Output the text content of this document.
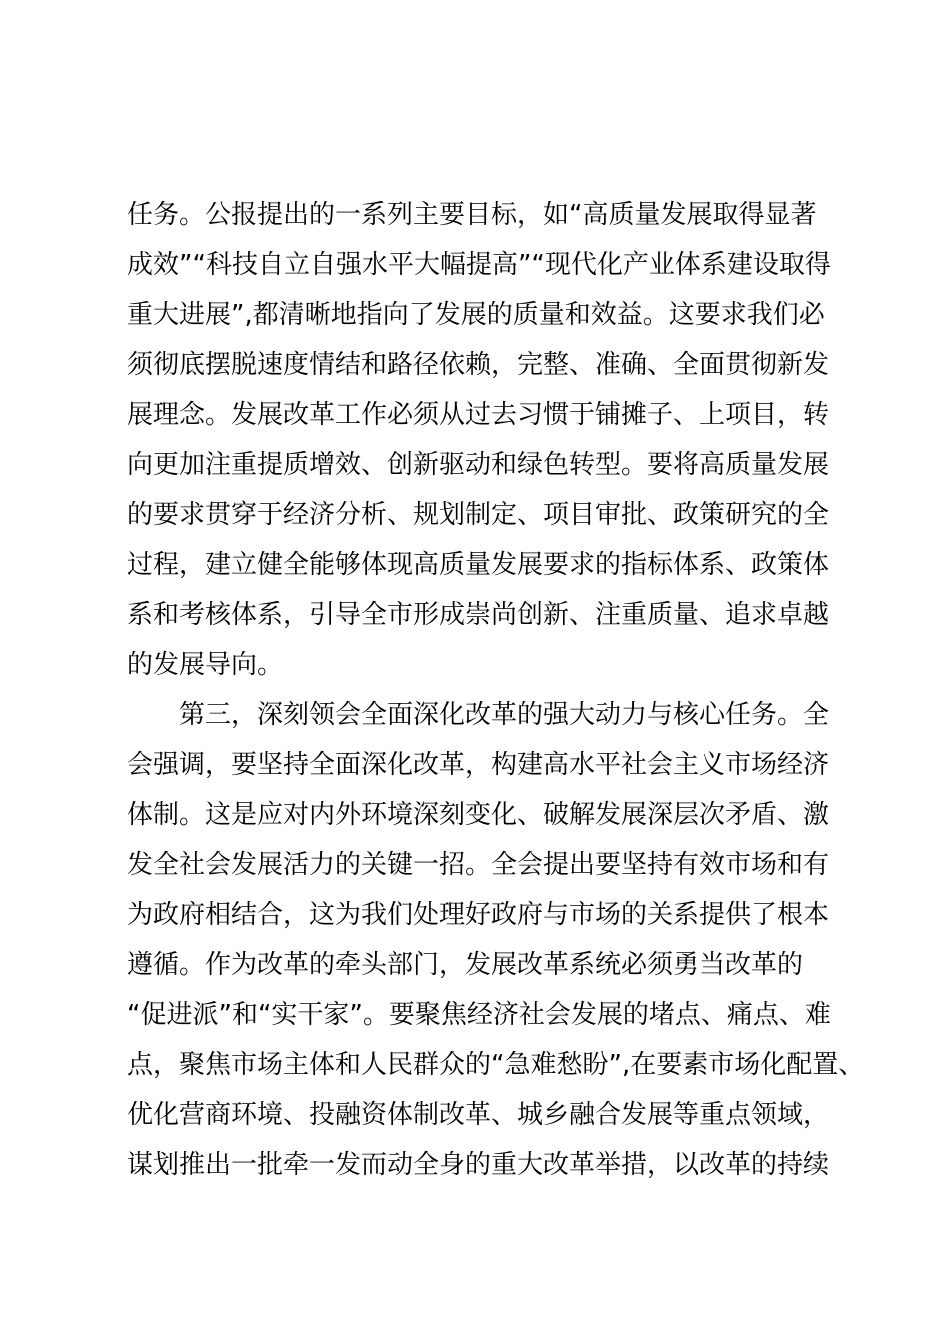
任务。公报提出的一系列主要目标，如“高质量发展取得显著
成效”“科技自立自强水平大幅提高”“现代化产业体系建设取得
重大进展”,都清晰地指向了发展的质量和效益。这要求我们必
须彻底摆脱速度情结和路径依赖，完整、准确、全面贯彻新发
展理念。发展改革工作必须从过去习惯于铺摊子、上项目，转
向更加注重提质增效、创新驱动和绿色转型。要将高质量发展
的要求贯穿于经济分析、规划制定、项目审批、政策研究的全
过程，建立健全能够体现高质量发展要求的指标体系、政策体
系和考核体系，引导全市形成崇尚创新、注重质量、追求卓越
的发展导向。
第三，深刻领会全面深化改革的强大动力与核心任务。全
会强调，要坚持全面深化改革，构建高水平社会主义市场经济
体制。这是应对内外环境深刻变化、破解发展深层次矛盾、激
发全社会发展活力的关键一招。全会提出要坚持有效市场和有
为政府相结合，这为我们处理好政府与市场的关系提供了根本
遵循。作为改革的牵头部门，发展改革系统必须勇当改革的
“促进派”和“实干家”。要聚焦经济社会发展的堵点、痛点、难
点，聚焦市场主体和人民群众的“急难愁盼”,在要素市场化配置、
优化营商环境、投融资体制改革、城乡融合发展等重点领域，
谋划推出一批牵一发而动全身的重大改革举措，以改革的持续
